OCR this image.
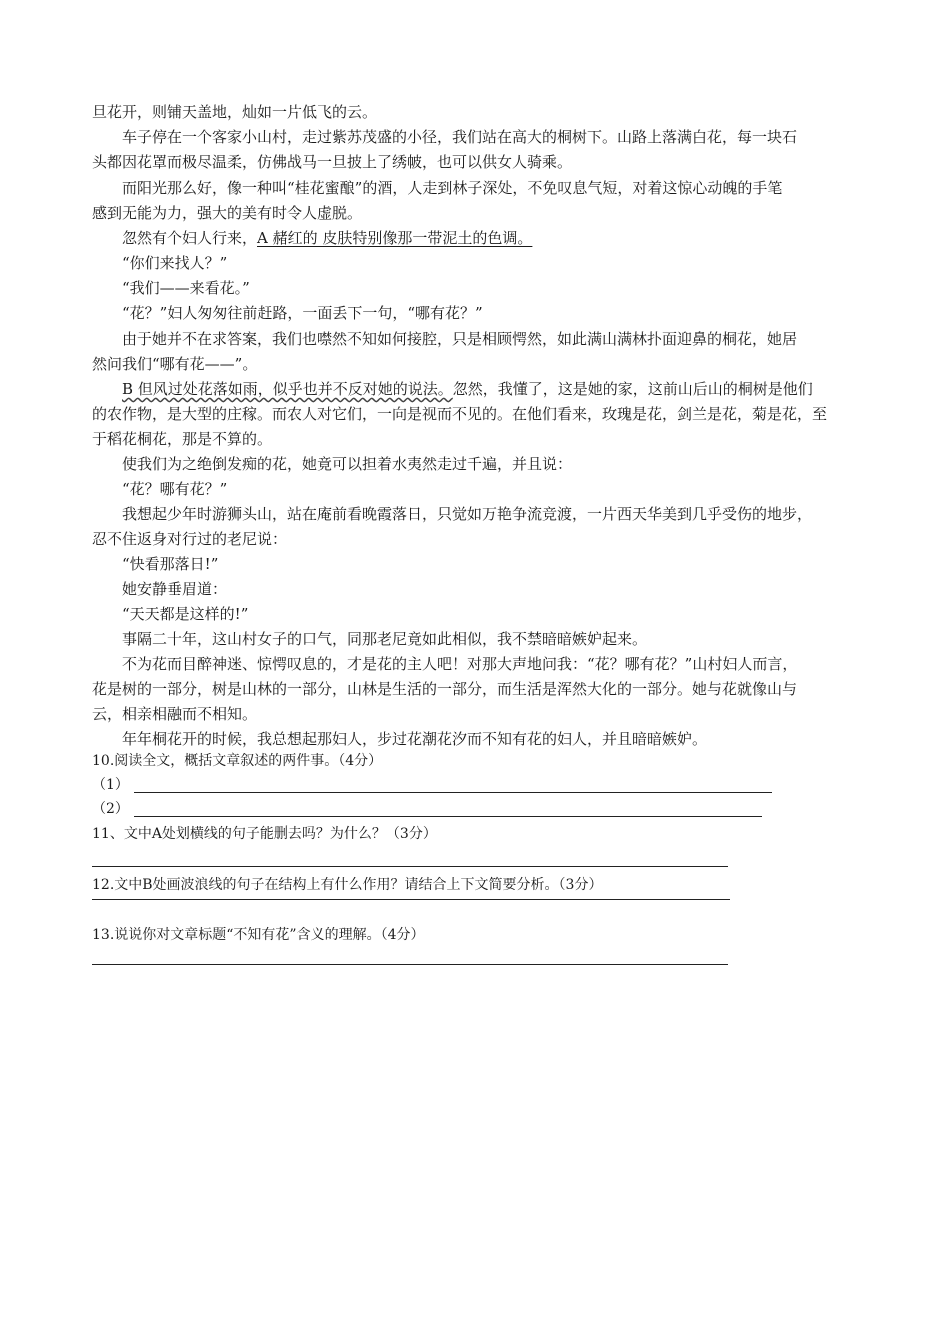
旦花开，则铺天盖地，灿如一片低飞的云。
车子停在一个客家小山村，走过紫苏茂盛的小径，我们站在高大的桐树下。山路上落满白花，每一块石
头都因花罩而极尽温柔，仿佛战马一旦披上了绣帔，也可以供女人骑乘。
而阳光那么好，像一种叫“桂花蜜酿”的酒，人走到林子深处，不免叹息气短，对着这惊心动魄的手笔
感到无能为力，强大的美有时令人虚脱。
忽然有个妇人行来，A 赭红的 皮肤特别像那一带泥土的色调。
“你们来找人？”
“我们——来看花。”
“花？”妇人匆匆往前赶路，一面丢下一句，“哪有花？”
由于她并不在求答案，我们也噤然不知如何接腔，只是相顾愕然，如此满山满林扑面迎鼻的桐花，她居
然问我们“哪有花——”。
B 但风过处花落如雨，似乎也并不反对她的说法。忽然，我懂了，这是她的家，这前山后山的桐树是他们
的农作物，是大型的庄稼。而农人对它们，一向是视而不见的。在他们看来，玫瑰是花，剑兰是花，菊是花，至
于稻花桐花，那是不算的。
使我们为之绝倒发痴的花，她竟可以担着水夷然走过千遍，并且说：
“花？哪有花？”
我想起少年时游狮头山，站在庵前看晚霞落日，只觉如万艳争流竞渡，一片西天华美到几乎受伤的地步，
忍不住返身对行过的老尼说：
“快看那落日!”
她安静垂眉道：
“天天都是这样的!”
事隔二十年，这山村女子的口气，同那老尼竟如此相似，我不禁暗暗嫉妒起来。
不为花而目醉神迷、惊愕叹息的，才是花的主人吧！对那大声地问我：“花？哪有花？”山村妇人而言，
花是树的一部分，树是山林的一部分，山林是生活的一部分，而生活是浑然大化的一部分。她与花就像山与
云，相亲相融而不相知。
年年桐花开的时候，我总想起那妇人，步过花潮花汐而不知有花的妇人，并且暗暗嫉妒。
10.阅读全文，概括文章叙述的两件事。（4分）
（1）
（2）
11、文中A处划横线的句子能删去吗？为什么？（3分）
12.文中B处画波浪线的句子在结构上有什么作用？请结合上下文简要分析。（3分）
13.说说你对文章标题“不知有花”含义的理解。（4分）
